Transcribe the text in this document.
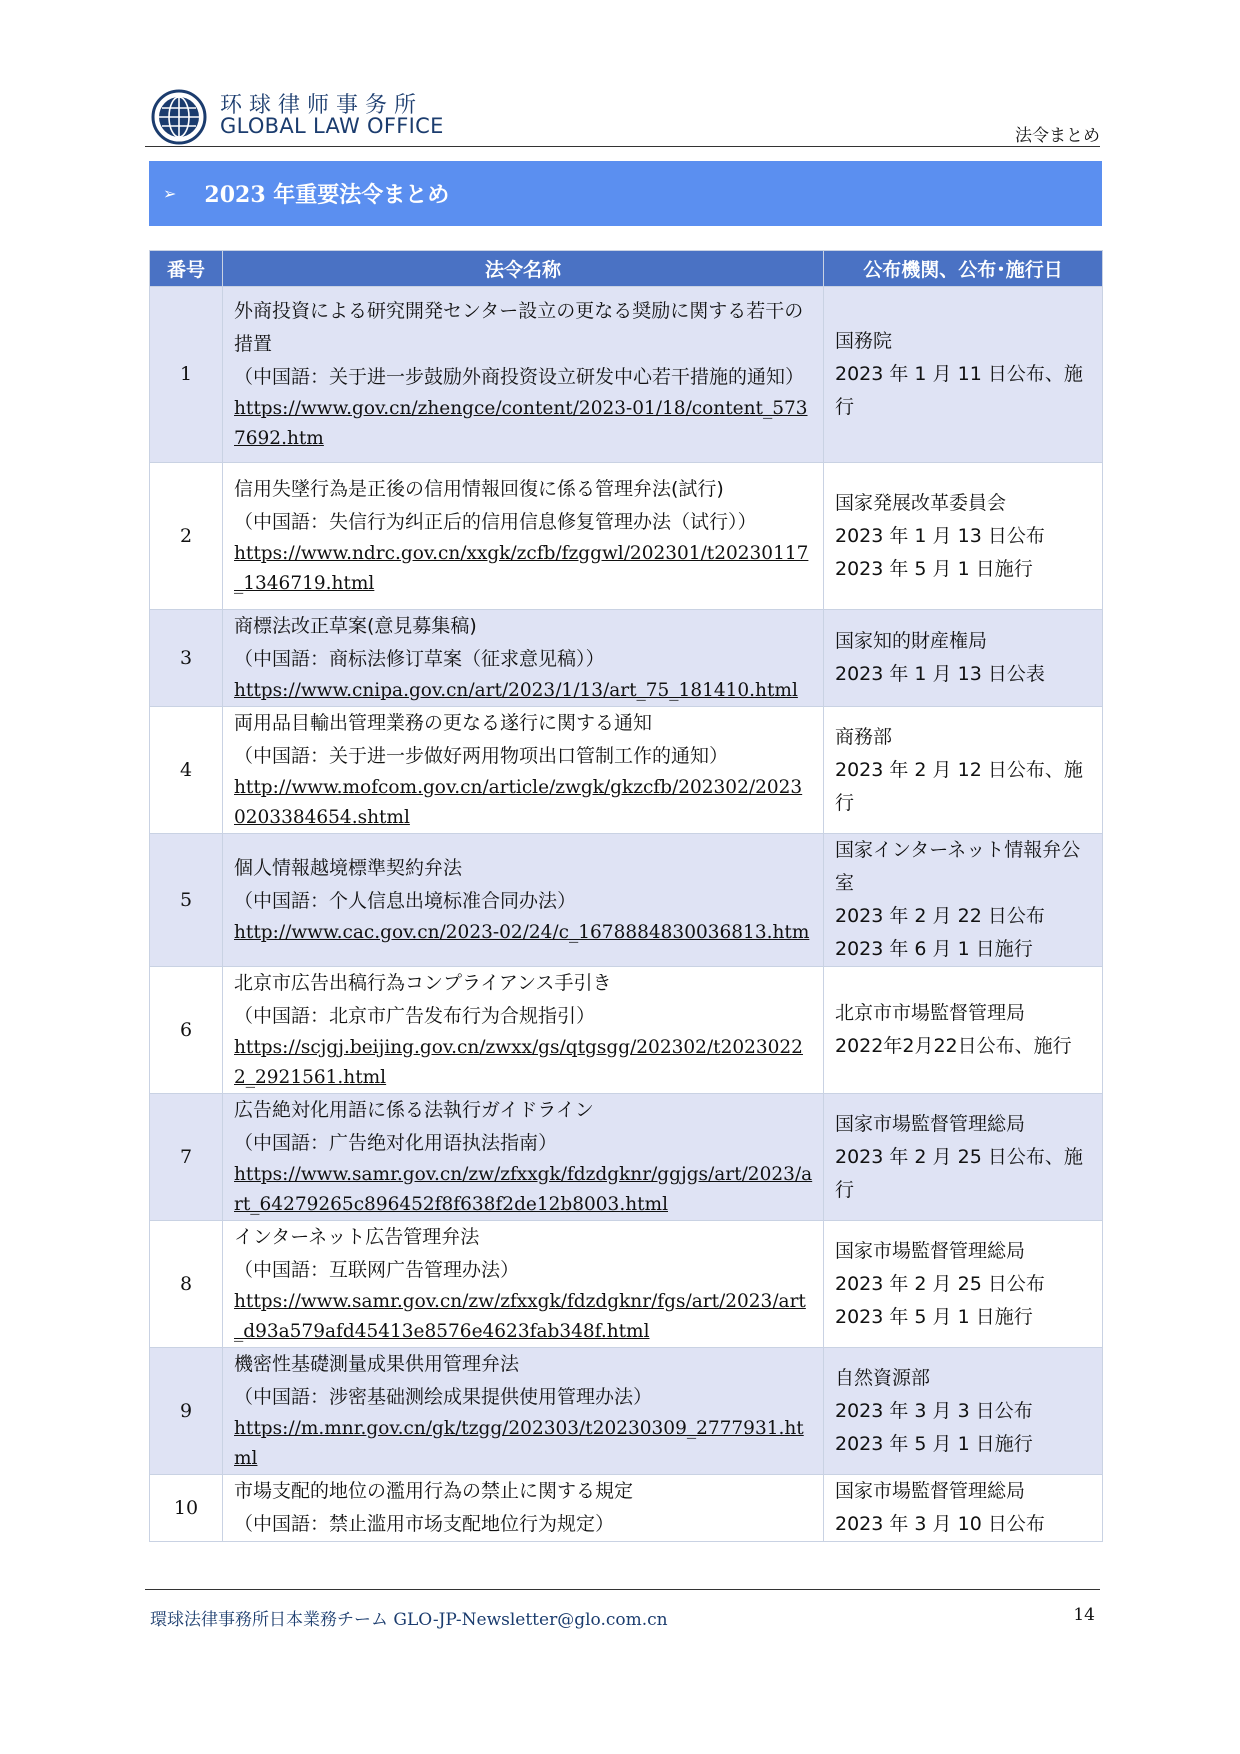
环球律师事务所
GLOBAL LAW OFFICE	法令まとめ
➢ 2023 年重要法令まとめ
番号	法令名称	公布機関、公布･施行日
1	外商投資による研究開発センター設立の更なる奨励に関する若干の措置
（中国語：关于进一步鼓励外商投资设立研发中心若干措施的通知）
https://www.gov.cn/zhengce/content/2023-01/18/content_5737692.htm	国務院
2023 年 1 月 11 日公布、施行

2	信用失墜行為是正後の信用情報回復に係る管理弁法(試行)
（中国語：失信行为纠正后的信用信息修复管理办法（试行））
https://www.ndrc.gov.cn/xxgk/zcfb/fzggwl/202301/t20230117_1346719.html	国家発展改革委員会
2023 年 1 月 13 日公布
2023 年 5 月 1 日施行

3	商標法改正草案(意見募集稿)
（中国語：商标法修订草案（征求意见稿））
https://www.cnipa.gov.cn/art/2023/1/13/art_75_181410.html	国家知的財産権局
2023 年 1 月 13 日公表

4	両用品目輸出管理業務の更なる遂行に関する通知
（中国語：关于进一步做好两用物项出口管制工作的通知）
http://www.mofcom.gov.cn/article/zwgk/gkzcfb/202302/20230203384654.shtml	商務部
2023 年 2 月 12 日公布、施行

5	個人情報越境標準契約弁法
（中国語：个人信息出境标准合同办法）
http://www.cac.gov.cn/2023-02/24/c_1678884830036813.htm	国家インターネット情報弁公室
2023 年 2 月 22 日公布
2023 年 6 月 1 日施行

6	北京市広告出稿行為コンプライアンス手引き
（中国語：北京市广告发布行为合规指引）
https://scjgj.beijing.gov.cn/zwxx/gs/qtgsgg/202302/t20230222_2921561.html	北京市市場監督管理局
2022年2月22日公布、施行

7	広告絶対化用語に係る法執行ガイドライン
（中国語：广告绝对化用语执法指南）
https://www.samr.gov.cn/zw/zfxxgk/fdzdgknr/ggjgs/art/2023/art_64279265c896452f8f638f2de12b8003.html	国家市場監督管理総局
2023 年 2 月 25 日公布、施行

8	インターネット広告管理弁法
（中国語：互联网广告管理办法）
https://www.samr.gov.cn/zw/zfxxgk/fdzdgknr/fgs/art/2023/art_d93a579afd45413e8576e4623fab348f.html	国家市場監督管理総局
2023 年 2 月 25 日公布
2023 年 5 月 1 日施行

9	機密性基礎測量成果供用管理弁法
（中国語：涉密基础测绘成果提供使用管理办法）
https://m.mnr.gov.cn/gk/tzgg/202303/t20230309_2777931.html	自然資源部
2023 年 3 月 3 日公布
2023 年 5 月 1 日施行

10	市場支配的地位の濫用行為の禁止に関する規定
（中国語：禁止滥用市场支配地位行为规定）	国家市場監督管理総局
2023 年 3 月 10 日公布
環球法律事務所日本業務チーム GLO-JP-Newsletter@glo.com.cn	14
